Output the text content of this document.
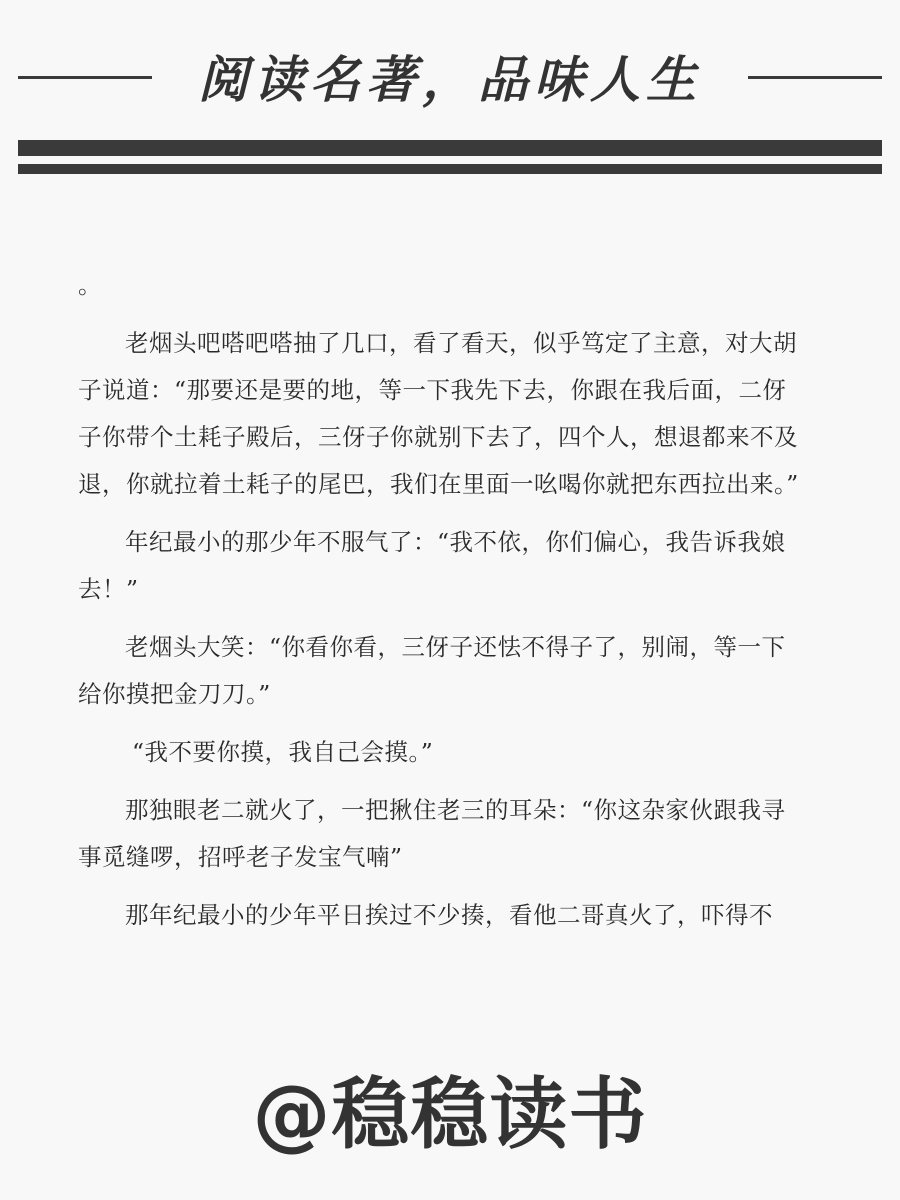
阅读名著，品味人生

。

老烟头吧嗒吧嗒抽了几口，看了看天，似乎笃定了主意，对大胡子说道：“那要还是要的地，等一下我先下去，你跟在我后面，二伢子你带个土耗子殿后，三伢子你就别下去了，四个人，想退都来不及退，你就拉着土耗子的尾巴，我们在里面一吆喝你就把东西拉出来。”

年纪最小的那少年不服气了：“我不依，你们偏心，我告诉我娘去！”

老烟头大笑：“你看你看，三伢子还怯不得子了，别闹，等一下给你摸把金刀刀。”

“我不要你摸，我自己会摸。”

那独眼老二就火了，一把揪住老三的耳朵：“你这杂家伙跟我寻事觅缝啰，招呼老子发宝气喃”

那年纪最小的少年平日挨过不少揍，看他二哥真火了，吓得不

@稳稳读书
